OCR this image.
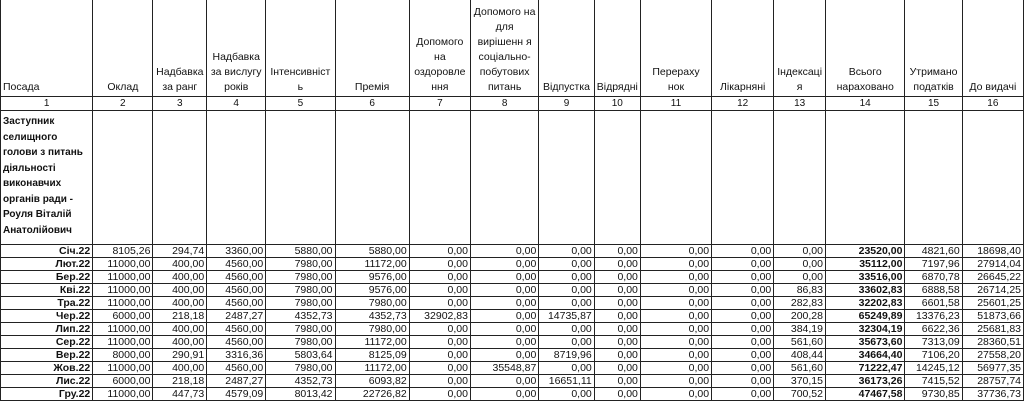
Посада	Оклад	Надбавка за ранг	Надбавка за вислугу років	Інтенсивніст ь	Премія	Допомого на оздоровле ння	Допомого на для вирішенн я соціально-побутових питань	Відпустка	Відрядні	Перераху нок	Лікарняні	Індексаці я	Всього нараховано	Утримано податків	До видачі
1	2	3	4	5	6	7	8	9	10	11	12	13	14	15	16
Заступник селищного голови з питань діяльності виконавчих органів ради - Роуля Віталій Анатолійович															
Січ.22	8105,26	294,74	3360,00	5880,00	5880,00	0,00	0,00	0,00	0,00	0,00	0,00	0,00	23520,00	4821,60	18698,40
Лют.22	11000,00	400,00	4560,00	7980,00	11172,00	0,00	0,00	0,00	0,00	0,00	0,00	0,00	35112,00	7197,96	27914,04
Бер.22	11000,00	400,00	4560,00	7980,00	9576,00	0,00	0,00	0,00	0,00	0,00	0,00	0,00	33516,00	6870,78	26645,22
Кві.22	11000,00	400,00	4560,00	7980,00	9576,00	0,00	0,00	0,00	0,00	0,00	0,00	86,83	33602,83	6888,58	26714,25
Тра.22	11000,00	400,00	4560,00	7980,00	7980,00	0,00	0,00	0,00	0,00	0,00	0,00	282,83	32202,83	6601,58	25601,25
Чер.22	6000,00	218,18	2487,27	4352,73	4352,73	32902,83	0,00	14735,87	0,00	0,00	0,00	200,28	65249,89	13376,23	51873,66
Лип.22	11000,00	400,00	4560,00	7980,00	7980,00	0,00	0,00	0,00	0,00	0,00	0,00	384,19	32304,19	6622,36	25681,83
Сер.22	11000,00	400,00	4560,00	7980,00	11172,00	0,00	0,00	0,00	0,00	0,00	0,00	561,60	35673,60	7313,09	28360,51
Вер.22	8000,00	290,91	3316,36	5803,64	8125,09	0,00	0,00	8719,96	0,00	0,00	0,00	408,44	34664,40	7106,20	27558,20
Жов.22	11000,00	400,00	4560,00	7980,00	11172,00	0,00	35548,87	0,00	0,00	0,00	0,00	561,60	71222,47	14245,12	56977,35
Лис.22	6000,00	218,18	2487,27	4352,73	6093,82	0,00	0,00	16651,11	0,00	0,00	0,00	370,15	36173,26	7415,52	28757,74
Гру.22	11000,00	447,73	4579,09	8013,42	22726,82	0,00	0,00	0,00	0,00	0,00	0,00	700,52	47467,58	9730,85	37736,73
